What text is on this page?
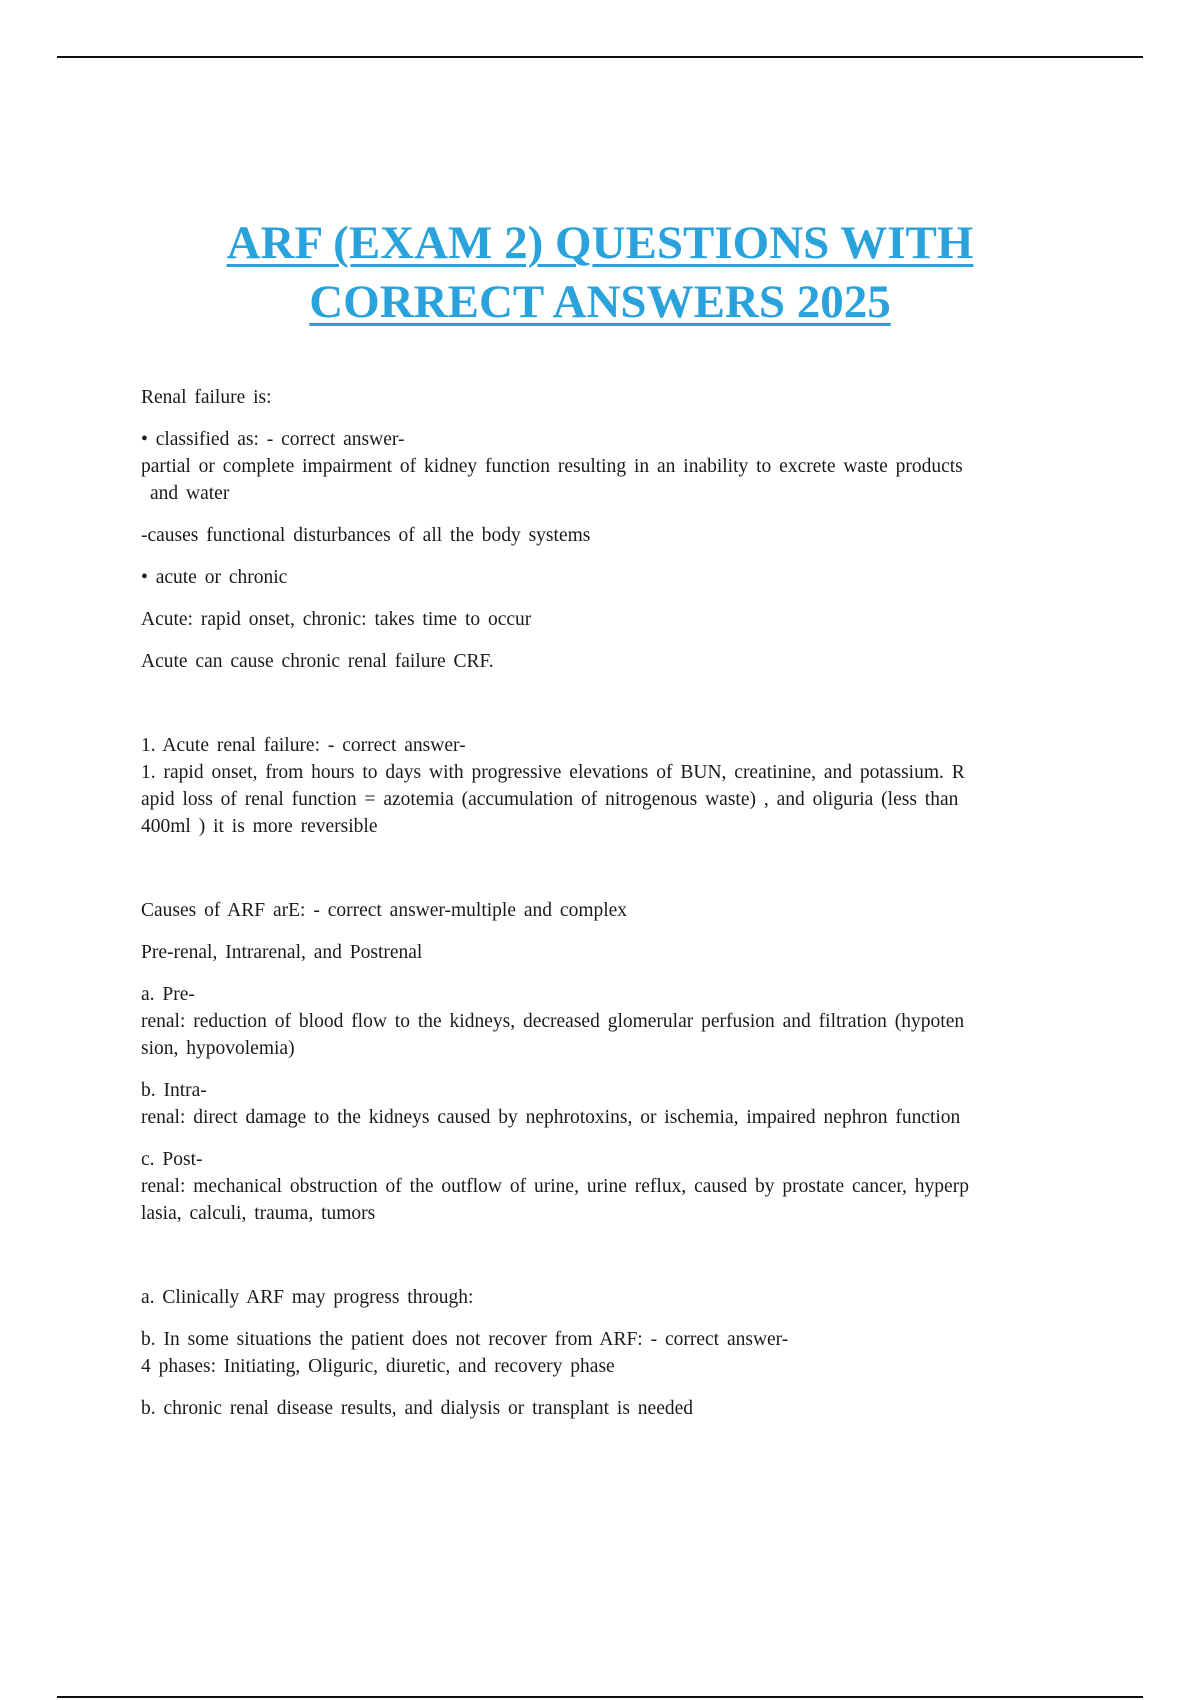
ARF (EXAM 2) QUESTIONS WITH
CORRECT ANSWERS 2025

Renal failure is:

• classified as: - correct answer-
partial or complete impairment of kidney function resulting in an inability to excrete waste products
and water

-causes functional disturbances of all the body systems

• acute or chronic

Acute: rapid onset, chronic: takes time to occur

Acute can cause chronic renal failure CRF.

1. Acute renal failure: - correct answer-
1. rapid onset, from hours to days with progressive elevations of BUN, creatinine, and potassium. R
apid loss of renal function = azotemia (accumulation of nitrogenous waste) , and oliguria (less than
400ml ) it is more reversible

Causes of ARF arE: - correct answer-multiple and complex

Pre-renal, Intrarenal, and Postrenal

a. Pre-
renal: reduction of blood flow to the kidneys, decreased glomerular perfusion and filtration (hypoten
sion, hypovolemia)

b. Intra-
renal: direct damage to the kidneys caused by nephrotoxins, or ischemia, impaired nephron function

c. Post-
renal: mechanical obstruction of the outflow of urine, urine reflux, caused by prostate cancer, hyperp
lasia, calculi, trauma, tumors

a. Clinically ARF may progress through:

b. In some situations the patient does not recover from ARF: - correct answer-
4 phases: Initiating, Oliguric, diuretic, and recovery phase

b. chronic renal disease results, and dialysis or transplant is needed
